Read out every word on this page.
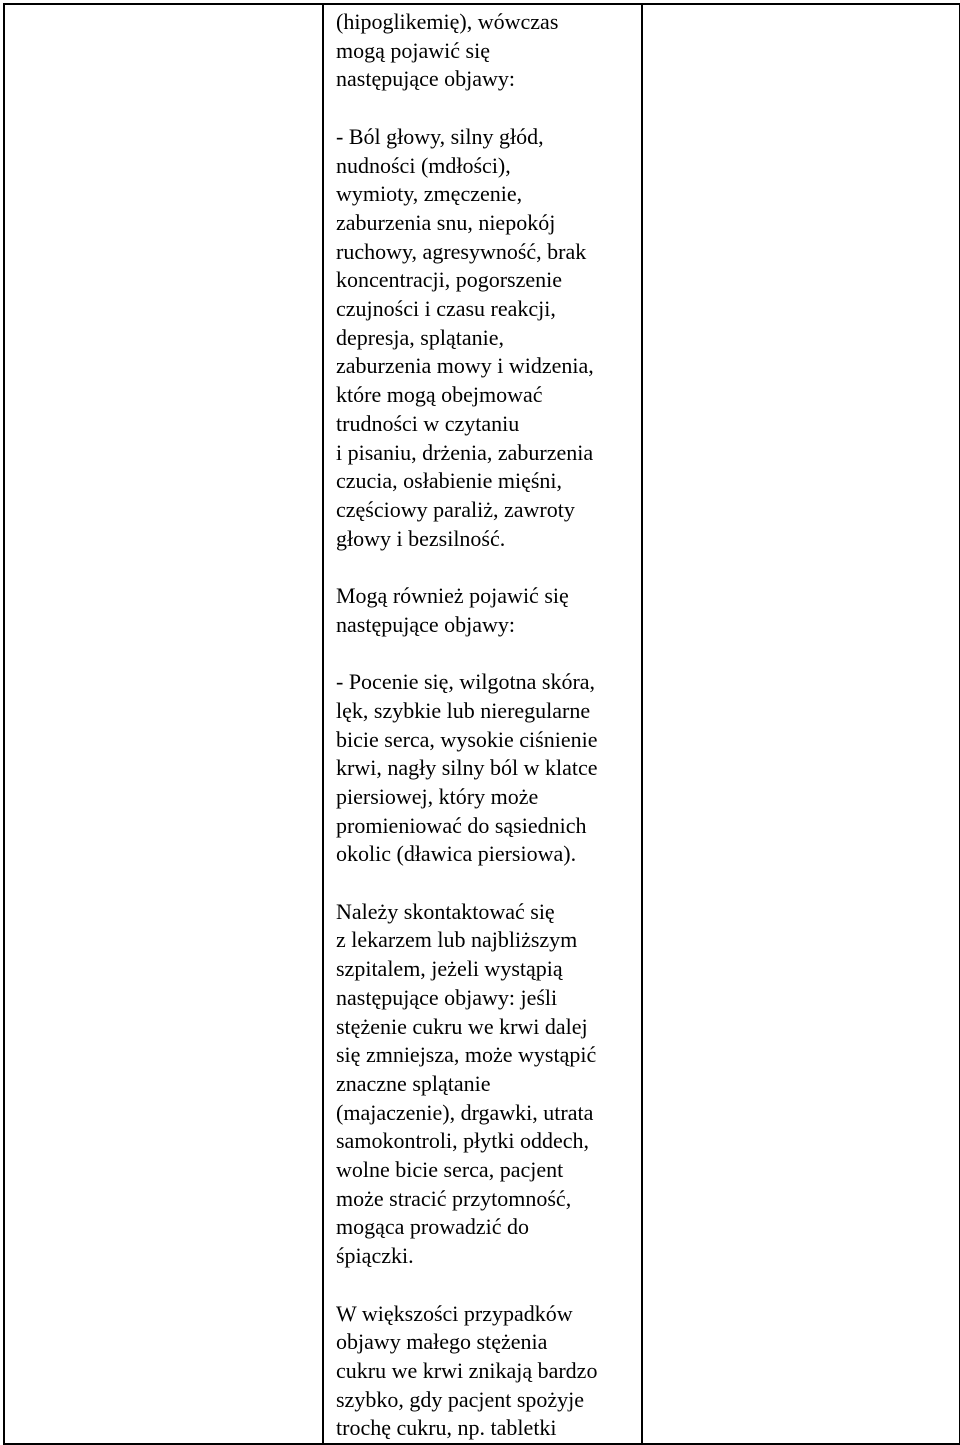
(hipoglikemię), wówczas
mogą pojawić się
następujące objawy:
- Ból głowy, silny głód,
nudności (mdłości),
wymioty, zmęczenie,
zaburzenia snu, niepokój
ruchowy, agresywność, brak
koncentracji, pogorszenie
czujności i czasu reakcji,
depresja, splątanie,
zaburzenia mowy i widzenia,
które mogą obejmować
trudności w czytaniu
i pisaniu, drżenia, zaburzenia
czucia, osłabienie mięśni,
częściowy paraliż, zawroty
głowy i bezsilność.
Mogą również pojawić się
następujące objawy:
- Pocenie się, wilgotna skóra,
lęk, szybkie lub nieregularne
bicie serca, wysokie ciśnienie
krwi, nagły silny ból w klatce
piersiowej, który może
promieniować do sąsiednich
okolic (dławica piersiowa).
Należy skontaktować się
z lekarzem lub najbliższym
szpitalem, jeżeli wystąpią
następujące objawy: jeśli
stężenie cukru we krwi dalej
się zmniejsza, może wystąpić
znaczne splątanie
(majaczenie), drgawki, utrata
samokontroli, płytki oddech,
wolne bicie serca, pacjent
może stracić przytomność,
mogąca prowadzić do
śpiączki.
W większości przypadków
objawy małego stężenia
cukru we krwi znikają bardzo
szybko, gdy pacjent spożyje
trochę cukru, np. tabletki
